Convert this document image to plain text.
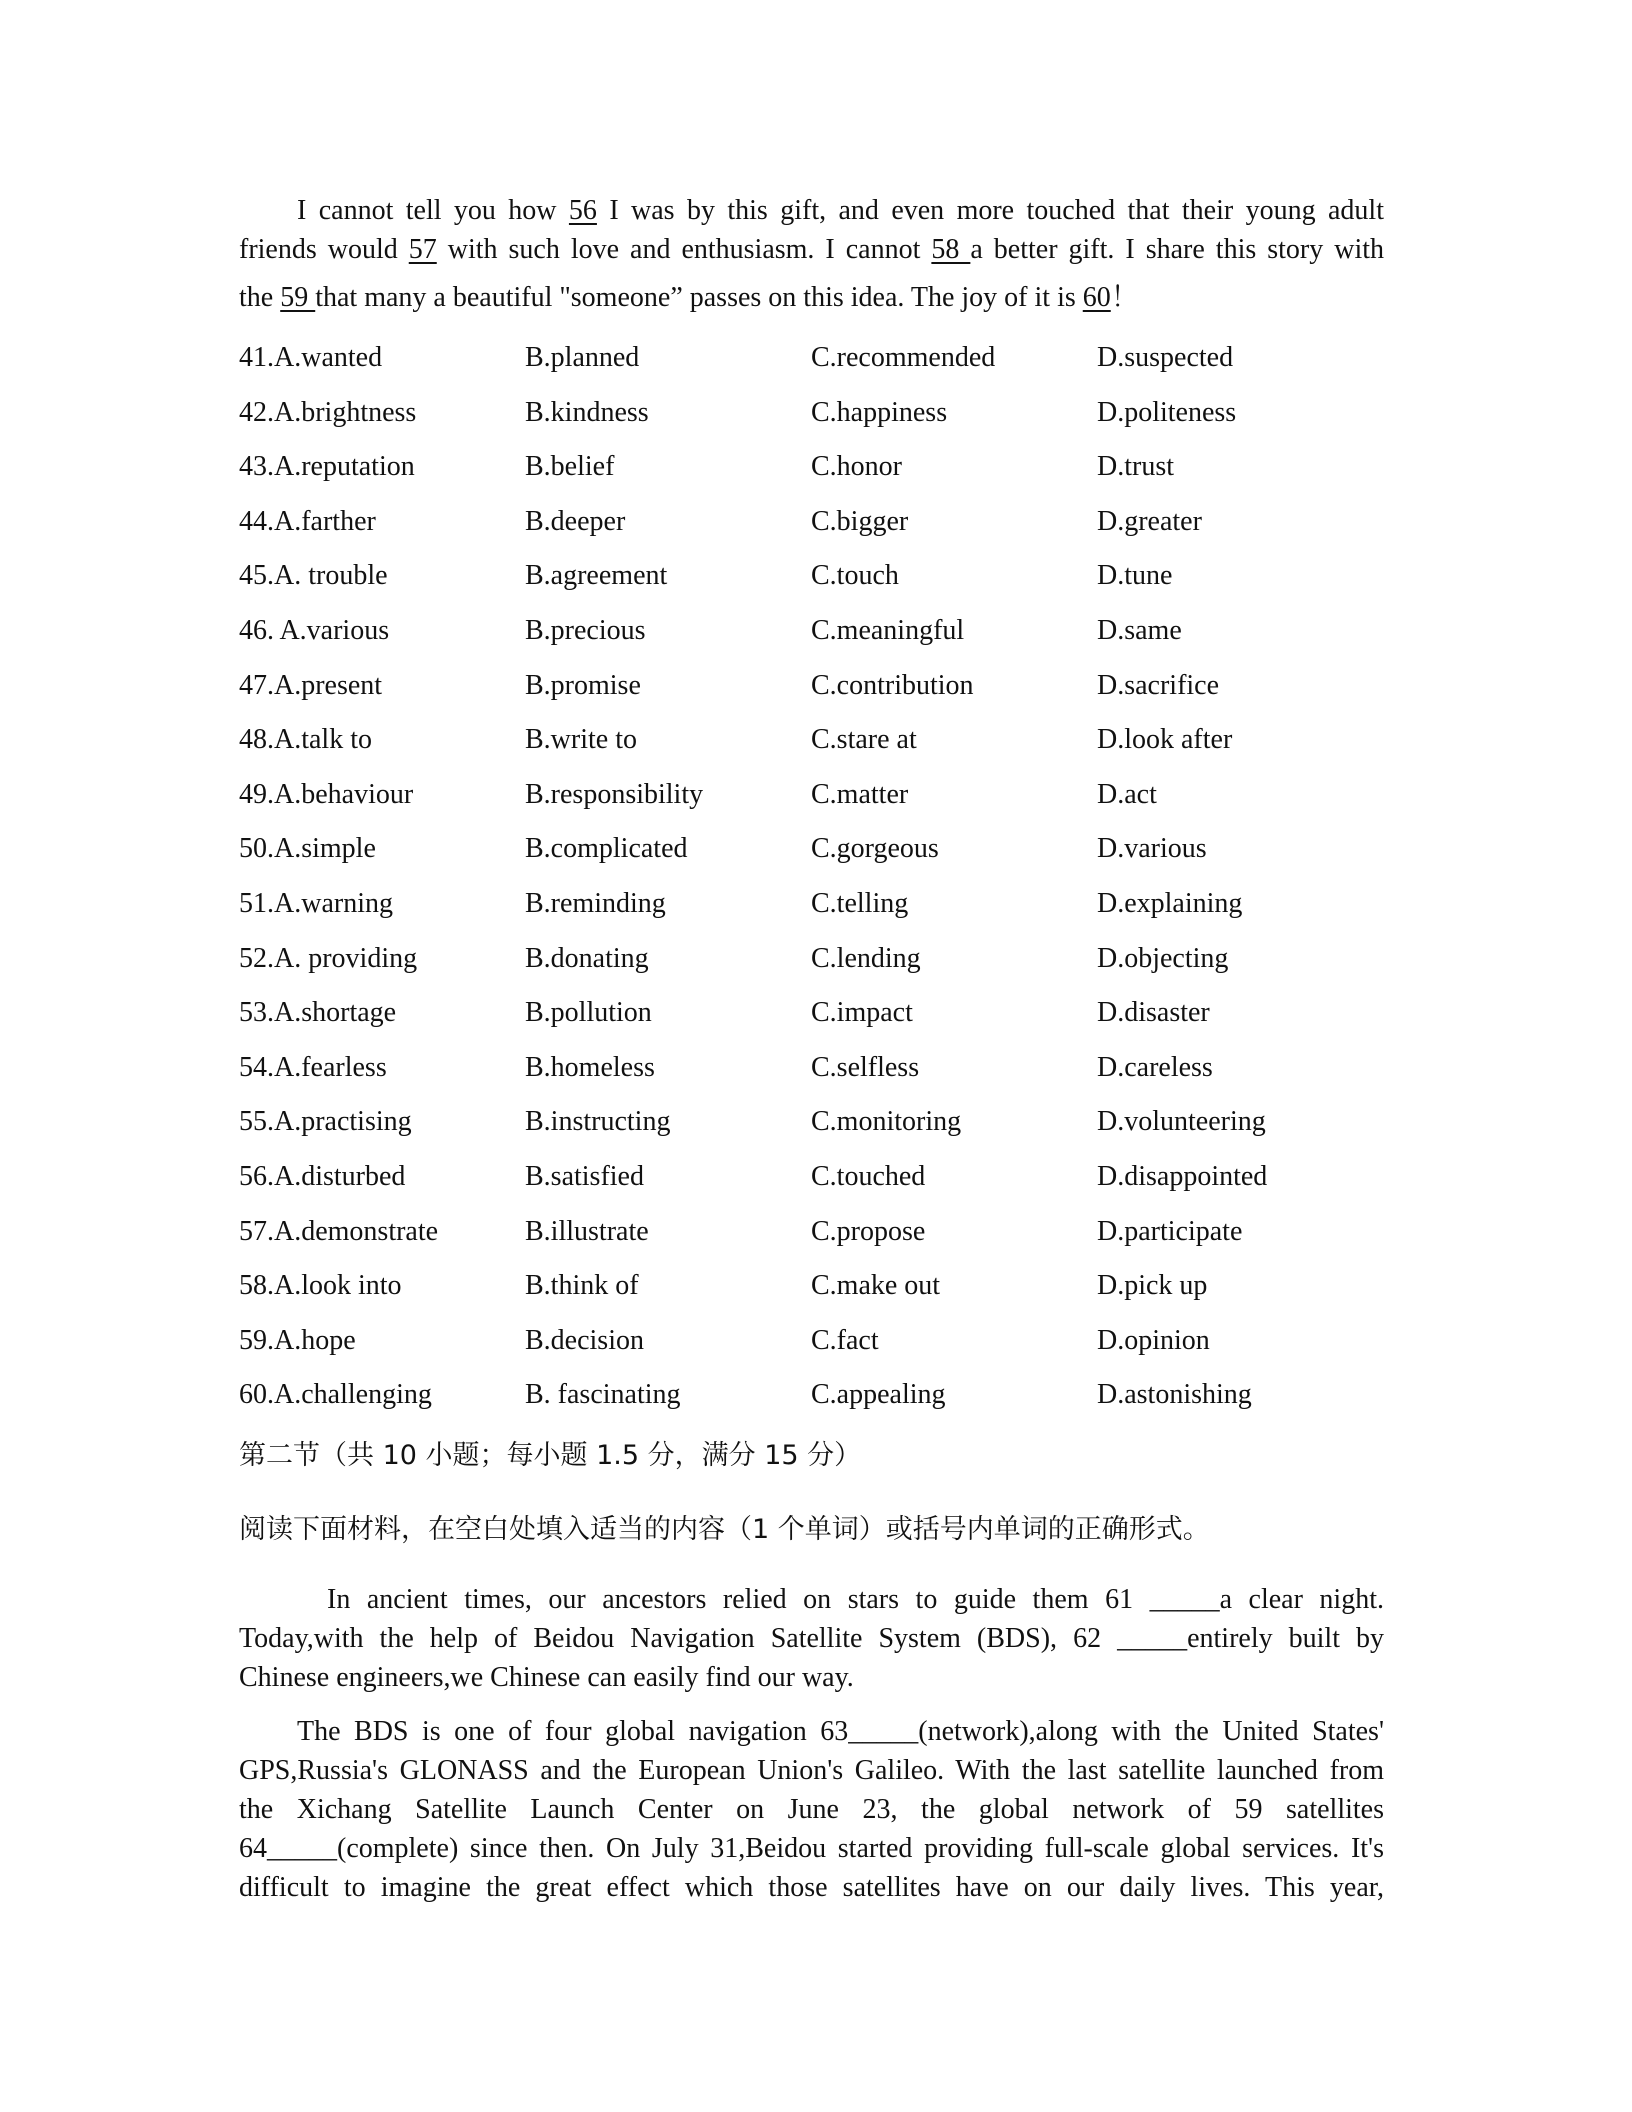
I cannot tell you how 56 I was by this gift, and even more touched that their young adult
friends would 57 with such love and enthusiasm. I cannot 58 a better gift. I share this story with
the 59 that many a beautiful "someone” passes on this idea. The joy of it is 60！
41.A.wanted	B.planned	C.recommended	D.suspected
42.A.brightness	B.kindness	C.happiness	D.politeness
43.A.reputation	B.belief	C.honor	D.trust
44.A.farther	B.deeper	C.bigger	D.greater
45.A. trouble	B.agreement	C.touch	D.tune
46. A.various	B.precious	C.meaningful	D.same
47.A.present	B.promise	C.contribution	D.sacrifice
48.A.talk to	B.write to	C.stare at	D.look after
49.A.behaviour	B.responsibility	C.matter	D.act
50.A.simple	B.complicated	C.gorgeous	D.various
51.A.warning	B.reminding	C.telling	D.explaining
52.A. providing	B.donating	C.lending	D.objecting
53.A.shortage	B.pollution	C.impact	D.disaster
54.A.fearless	B.homeless	C.selfless	D.careless
55.A.practising	B.instructing	C.monitoring	D.volunteering
56.A.disturbed	B.satisfied	C.touched	D.disappointed
57.A.demonstrate	B.illustrate	C.propose	D.participate
58.A.look into	B.think of	C.make out	D.pick up
59.A.hope	B.decision	C.fact	D.opinion
60.A.challenging	B. fascinating	C.appealing	D.astonishing
第二节（共 10 小题；每小题 1.5 分，满分 15 分）
阅读下面材料，在空白处填入适当的内容（1 个单词）或括号内单词的正确形式。
In ancient times, our ancestors relied on stars to guide them 61 _____a clear night.
Today,with the help of Beidou Navigation Satellite System (BDS), 62 _____entirely built by
Chinese engineers,we Chinese can easily find our way.
The BDS is one of four global navigation 63_____(network),along with the United States'
GPS,Russia's GLONASS and the European Union's Galileo. With the last satellite launched from
the Xichang Satellite Launch Center on June 23, the global network of 59 satellites
64_____(complete) since then. On July 31,Beidou started providing full-scale global services. It's
difficult to imagine the great effect which those satellites have on our daily lives. This year,
